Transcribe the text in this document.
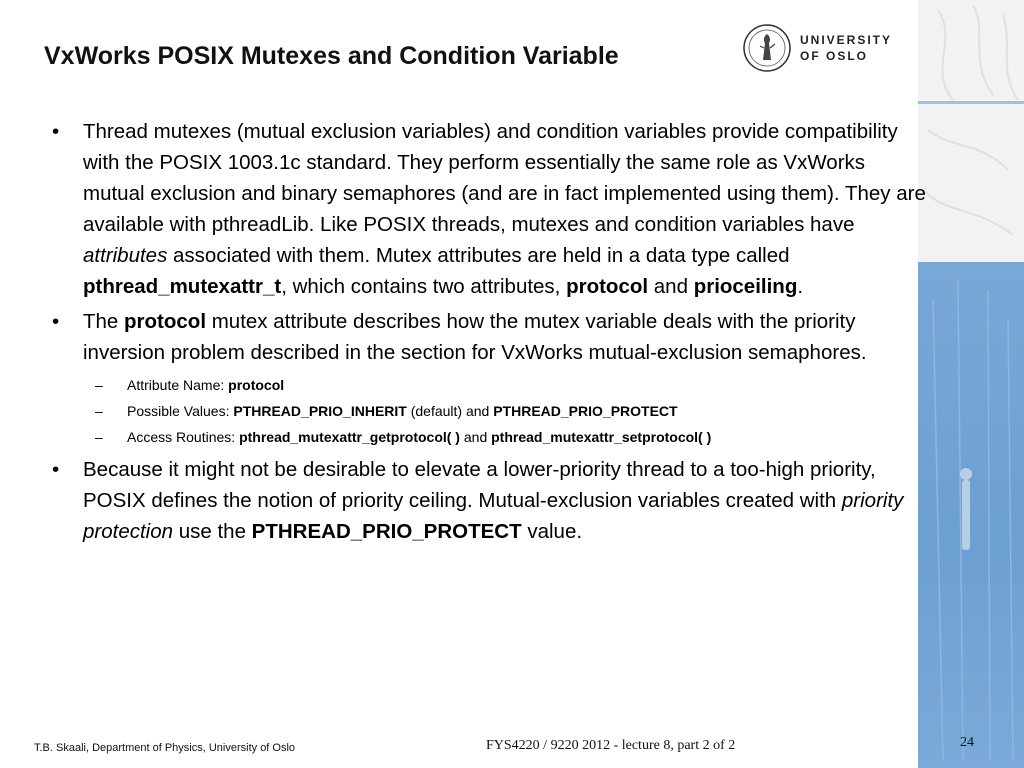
VxWorks POSIX Mutexes and Condition Variable
UNIVERSITY
OF OSLO
• Thread mutexes (mutual exclusion variables) and condition variables provide compatibility with the POSIX 1003.1c standard. They perform essentially the same role as VxWorks mutual exclusion and binary semaphores (and are in fact implemented using them). They are available with pthreadLib. Like POSIX threads, mutexes and condition variables have attributes associated with them. Mutex attributes are held in a data type called pthread_mutexattr_t, which contains two attributes, protocol and prioceiling.
• The protocol mutex attribute describes how the mutex variable deals with the priority inversion problem described in the section for VxWorks mutual-exclusion semaphores.
– Attribute Name: protocol
– Possible Values: PTHREAD_PRIO_INHERIT (default) and PTHREAD_PRIO_PROTECT
– Access Routines: pthread_mutexattr_getprotocol( ) and pthread_mutexattr_setprotocol( )
• Because it might not be desirable to elevate a lower-priority thread to a too-high priority, POSIX defines the notion of priority ceiling. Mutual-exclusion variables created with priority protection use the PTHREAD_PRIO_PROTECT value.
T.B. Skaali, Department of Physics, University of Oslo	FYS4220 / 9220 2012 - lecture 8, part 2 of 2	24
